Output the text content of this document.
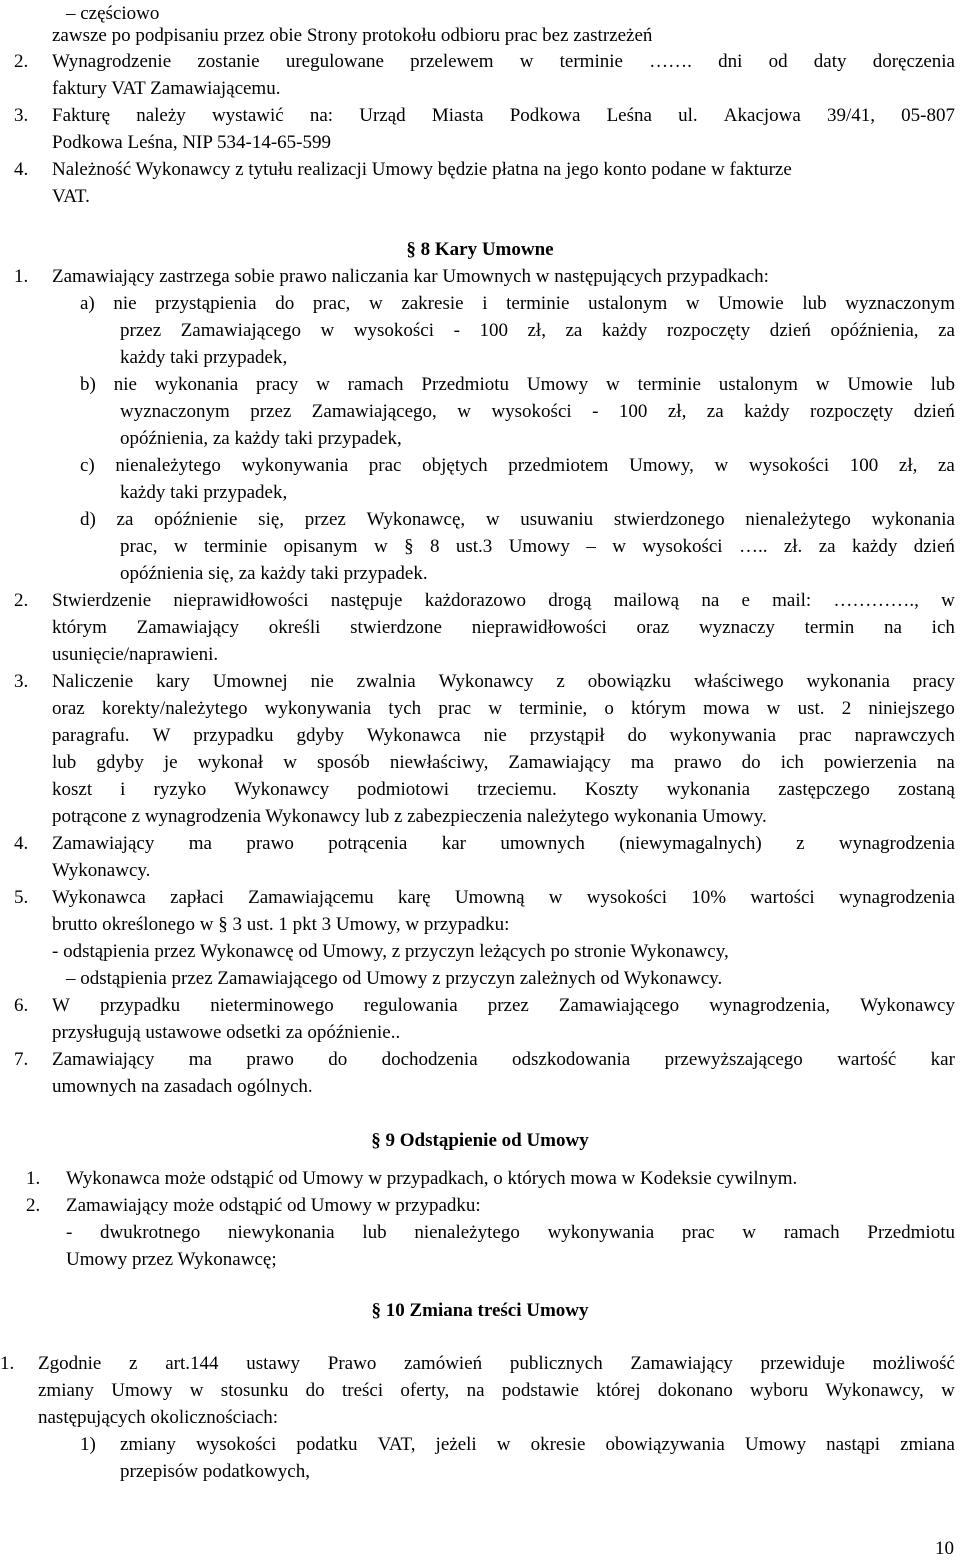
– częściowo
zawsze po podpisaniu przez obie Strony protokołu odbioru prac bez zastrzeżeń
2. Wynagrodzenie zostanie uregulowane przelewem w terminie ……. dni od daty doręczenia
faktury VAT Zamawiającemu.
3. Fakturę należy wystawić na: Urząd Miasta Podkowa Leśna ul. Akacjowa 39/41, 05-807
Podkowa Leśna, NIP 534-14-65-599
4. Należność Wykonawcy z tytułu realizacji Umowy będzie płatna na jego konto podane w fakturze
VAT.
§ 8 Kary Umowne
1. Zamawiający zastrzega sobie prawo naliczania kar Umownych w następujących przypadkach:
a) nie przystąpienia do prac, w zakresie i terminie ustalonym w Umowie lub wyznaczonym
przez Zamawiającego w wysokości - 100 zł, za każdy rozpoczęty dzień opóźnienia, za
każdy taki przypadek,
b) nie wykonania pracy w ramach Przedmiotu Umowy w terminie ustalonym w Umowie lub
wyznaczonym przez Zamawiającego, w wysokości - 100 zł, za każdy rozpoczęty dzień
opóźnienia, za każdy taki przypadek,
c) nienależytego wykonywania prac objętych przedmiotem Umowy, w wysokości 100 zł, za
każdy taki przypadek,
d) za opóźnienie się, przez Wykonawcę, w usuwaniu stwierdzonego nienależytego wykonania
prac, w terminie opisanym w § 8 ust.3 Umowy – w wysokości ….. zł. za każdy dzień
opóźnienia się, za każdy taki przypadek.
2. Stwierdzenie nieprawidłowości następuje każdorazowo drogą mailową na e mail: …………., w
którym Zamawiający określi stwierdzone nieprawidłowości oraz wyznaczy termin na ich
usunięcie/naprawieni.
3. Naliczenie kary Umownej nie zwalnia Wykonawcy z obowiązku właściwego wykonania pracy
oraz korekty/należytego wykonywania tych prac w terminie, o którym mowa w ust. 2 niniejszego
paragrafu. W przypadku gdyby Wykonawca nie przystąpił do wykonywania prac naprawczych
lub gdyby je wykonał w sposób niewłaściwy, Zamawiający ma prawo do ich powierzenia na
koszt i ryzyko Wykonawcy podmiotowi trzeciemu. Koszty wykonania zastępczego zostaną
potrącone z wynagrodzenia Wykonawcy lub z zabezpieczenia należytego wykonania Umowy.
4. Zamawiający ma prawo potrącenia kar umownych (niewymagalnych) z wynagrodzenia
Wykonawcy.
5. Wykonawca zapłaci Zamawiającemu karę Umowną w wysokości 10% wartości wynagrodzenia
brutto określonego w § 3 ust. 1 pkt 3 Umowy, w przypadku:
- odstąpienia przez Wykonawcę od Umowy, z przyczyn leżących po stronie Wykonawcy,
– odstąpienia przez Zamawiającego od Umowy z przyczyn zależnych od Wykonawcy.
6. W przypadku nieterminowego regulowania przez Zamawiającego wynagrodzenia, Wykonawcy
przysługują ustawowe odsetki za opóźnienie..
7. Zamawiający ma prawo do dochodzenia odszkodowania przewyższającego wartość kar
umownych na zasadach ogólnych.
§ 9 Odstąpienie od Umowy
1. Wykonawca może odstąpić od Umowy w przypadkach, o których mowa w Kodeksie cywilnym.
2. Zamawiający może odstąpić od Umowy w przypadku:
- dwukrotnego niewykonania lub nienależytego wykonywania prac w ramach Przedmiotu
Umowy przez Wykonawcę;
§ 10 Zmiana treści Umowy
1. Zgodnie z art.144 ustawy Prawo zamówień publicznych Zamawiający przewiduje możliwość
zmiany Umowy w stosunku do treści oferty, na podstawie której dokonano wyboru Wykonawcy, w
następujących okolicznościach:
1) zmiany wysokości podatku VAT, jeżeli w okresie obowiązywania Umowy nastąpi zmiana
przepisów podatkowych,
10
